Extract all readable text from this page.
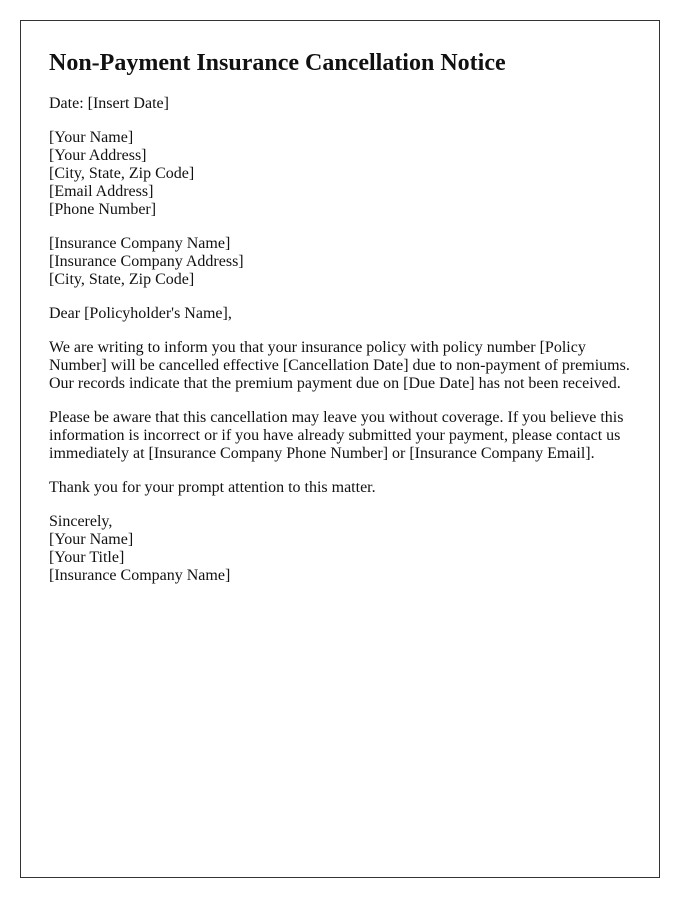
Non-Payment Insurance Cancellation Notice

Date: [Insert Date]

[Your Name]
[Your Address]
[City, State, Zip Code]
[Email Address]
[Phone Number]
[Insurance Company Name]
[Insurance Company Address]
[City, State, Zip Code]

Dear [Policyholder's Name],

We are writing to inform you that your insurance policy with policy number [Policy Number] will be cancelled effective [Cancellation Date] due to non-payment of premiums. Our records indicate that the premium payment due on [Due Date] has not been received.

Please be aware that this cancellation may leave you without coverage. If you believe this information is incorrect or if you have already submitted your payment, please contact us immediately at [Insurance Company Phone Number] or [Insurance Company Email].

Thank you for your prompt attention to this matter.

Sincerely,
[Your Name]
[Your Title]
[Insurance Company Name]
